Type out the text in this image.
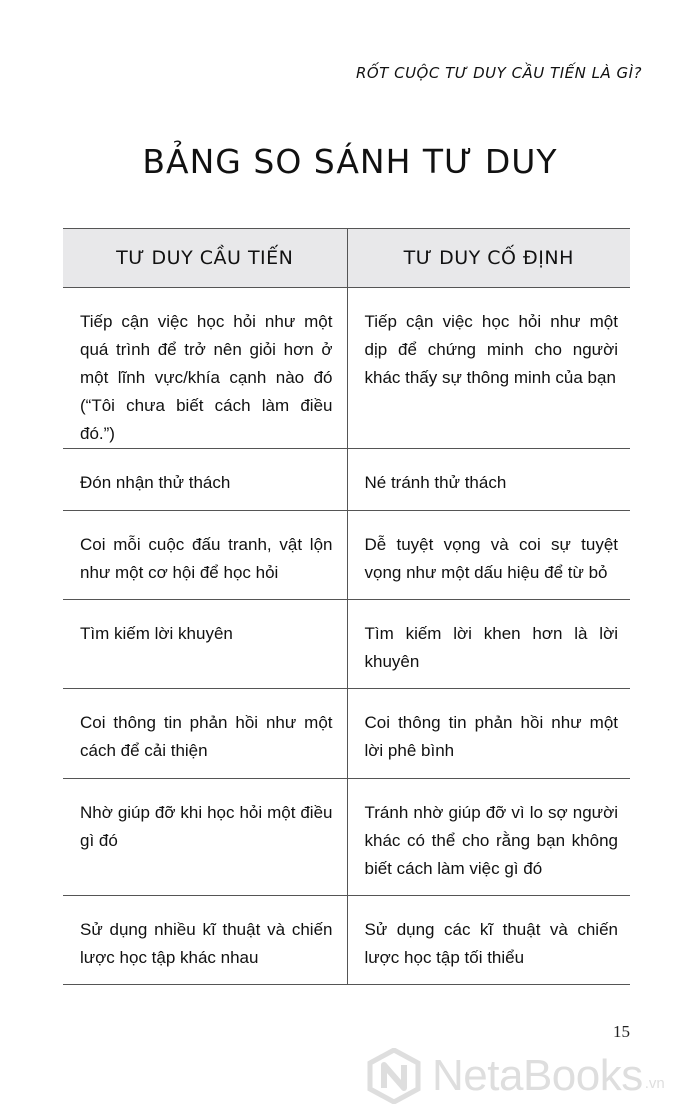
RỐT CUỘC TƯ DUY CẦU TIẾN LÀ GÌ?
BẢNG SO SÁNH TƯ DUY
TƯ DUY CẦU TIẾN	TƯ DUY CỐ ĐỊNH
Tiếp cận việc học hỏi như một quá trình để trở nên giỏi hơn ở một lĩnh vực/khía cạnh nào đó (“Tôi chưa biết cách làm điều đó.”)	Tiếp cận việc học hỏi như một dịp để chứng minh cho người khác thấy sự thông minh của bạn
Đón nhận thử thách	Né tránh thử thách
Coi mỗi cuộc đấu tranh, vật lộn như một cơ hội để học hỏi	Dễ tuyệt vọng và coi sự tuyệt vọng như một dấu hiệu để từ bỏ
Tìm kiếm lời khuyên	Tìm kiếm lời khen hơn là lời khuyên
Coi thông tin phản hồi như một cách để cải thiện	Coi thông tin phản hồi như một lời phê bình
Nhờ giúp đỡ khi học hỏi một điều gì đó	Tránh nhờ giúp đỡ vì lo sợ người khác có thể cho rằng bạn không biết cách làm việc gì đó
Sử dụng nhiều kĩ thuật và chiến lược học tập khác nhau	Sử dụng các kĩ thuật và chiến lược học tập tối thiểu
15
NetaBooks .vn
